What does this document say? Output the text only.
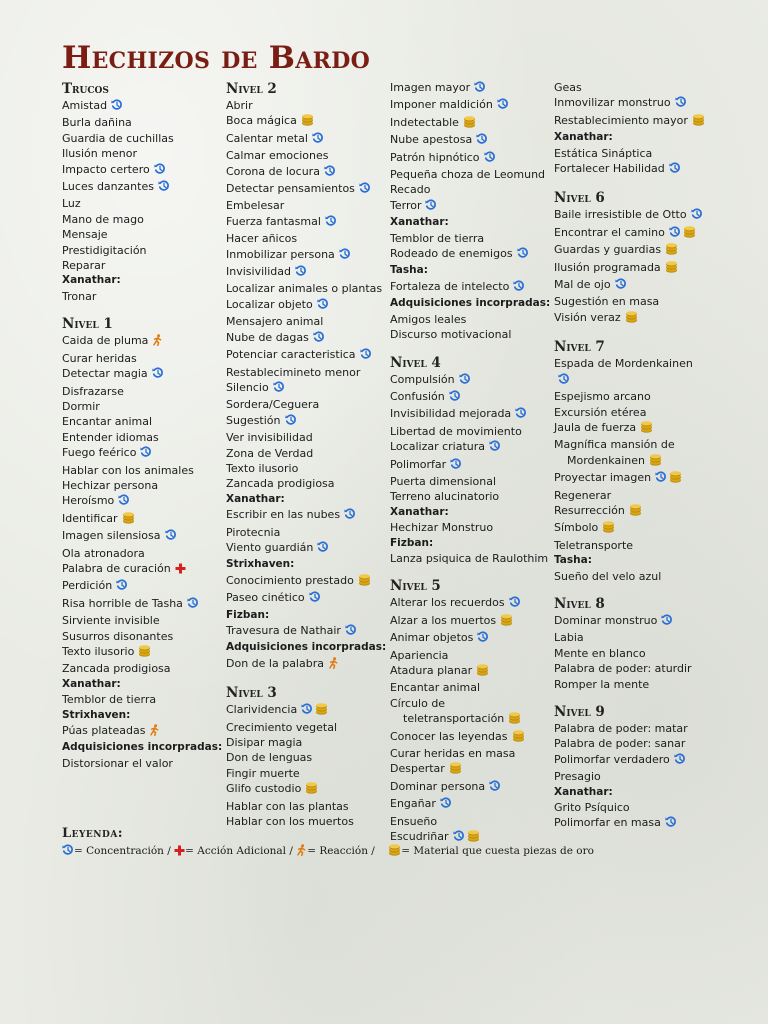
Hechizos de Bardo
Trucos
Amistad
Burla dañina
Guardia de cuchillas
Ilusión menor
Impacto certero
Luces danzantes
Luz
Mano de mago
Mensaje
Prestidigitación
Reparar
Xanathar:
Tronar
Nivel 1
Caida de pluma
Curar heridas
Detectar magia
Disfrazarse
Dormir
Encantar animal
Entender idiomas
Fuego feérico
Hablar con los animales
Hechizar persona
Heroísmo
Identificar
Imagen silensiosa
Ola atronadora
Palabra de curación
Perdición
Risa horrible de Tasha
Sirviente invisible
Susurros disonantes
Texto ilusorio
Zancada prodigiosa
Xanathar:
Temblor de tierra
Strixhaven:
Púas plateadas
Adquisiciones incorpradas:
Distorsionar el valor
Nivel 2
Abrir
Boca mágica
Calentar metal
Calmar emociones
Corona de locura
Detectar pensamientos
Embelesar
Fuerza fantasmal
Hacer añicos
Inmobilizar persona
Invisivilidad
Localizar animales o plantas
Localizar objeto
Mensajero animal
Nube de dagas
Potenciar caracteristica
Restablecimineto menor
Silencio
Sordera/Ceguera
Sugestión
Ver invisibilidad
Zona de Verdad
Texto ilusorio
Zancada prodigiosa
Xanathar:
Escribir en las nubes
Pirotecnia
Viento guardián
Strixhaven:
Conocimiento prestado
Paseo cinético
Fizban:
Travesura de Nathair
Adquisiciones incorpradas:
Don de la palabra
Nivel 3
Clarividencia
Crecimiento vegetal
Disipar magia
Don de lenguas
Fingir muerte
Glifo custodio
Hablar con las plantas
Hablar con los muertos
Imagen mayor
Imponer maldición
Indetectable
Nube apestosa
Patrón hipnótico
Pequeña choza de Leomund
Recado
Terror
Xanathar:
Temblor de tierra
Rodeado de enemigos
Tasha:
Fortaleza de intelecto
Adquisiciones incorpradas:
Amigos leales
Discurso motivacional
Nivel 4
Compulsión
Confusión
Invisibilidad mejorada
Libertad de movimiento
Localizar criatura
Polimorfar
Puerta dimensional
Terreno alucinatorio
Xanathar:
Hechizar Monstruo
Fizban:
Lanza psiquica de Raulothim
Nivel 5
Alterar los recuerdos
Alzar a los muertos
Animar objetos
Apariencia
Atadura planar
Encantar animal
Círculo de
teletransportación
Conocer las leyendas
Curar heridas en masa
Despertar
Dominar persona
Engañar
Ensueño
Escudriñar
Geas
Inmovilizar monstruo
Restablecimiento mayor
Xanathar:
Estática Sináptica
Fortalecer Habilidad
Nivel 6
Baile irresistible de Otto
Encontrar el camino
Guardas y guardias
Ilusión programada
Mal de ojo
Sugestión en masa
Visión veraz
Nivel 7
Espada de Mordenkainen
Espejismo arcano
Excursión etérea
Jaula de fuerza
Magnífica mansión de
Mordenkainen
Proyectar imagen
Regenerar
Resurrección
Símbolo
Teletransporte
Tasha:
Sueño del velo azul
Nivel 8
Dominar monstruo
Labia
Mente en blanco
Palabra de poder: aturdir
Romper la mente
Nivel 9
Palabra de poder: matar
Palabra de poder: sanar
Polimorfar verdadero
Presagio
Xanathar:
Grito Psíquico
Polimorfar en masa
Leyenda:
= Concentración / = Acción Adicional / = Reacción /	= Material que cuesta piezas de oro
